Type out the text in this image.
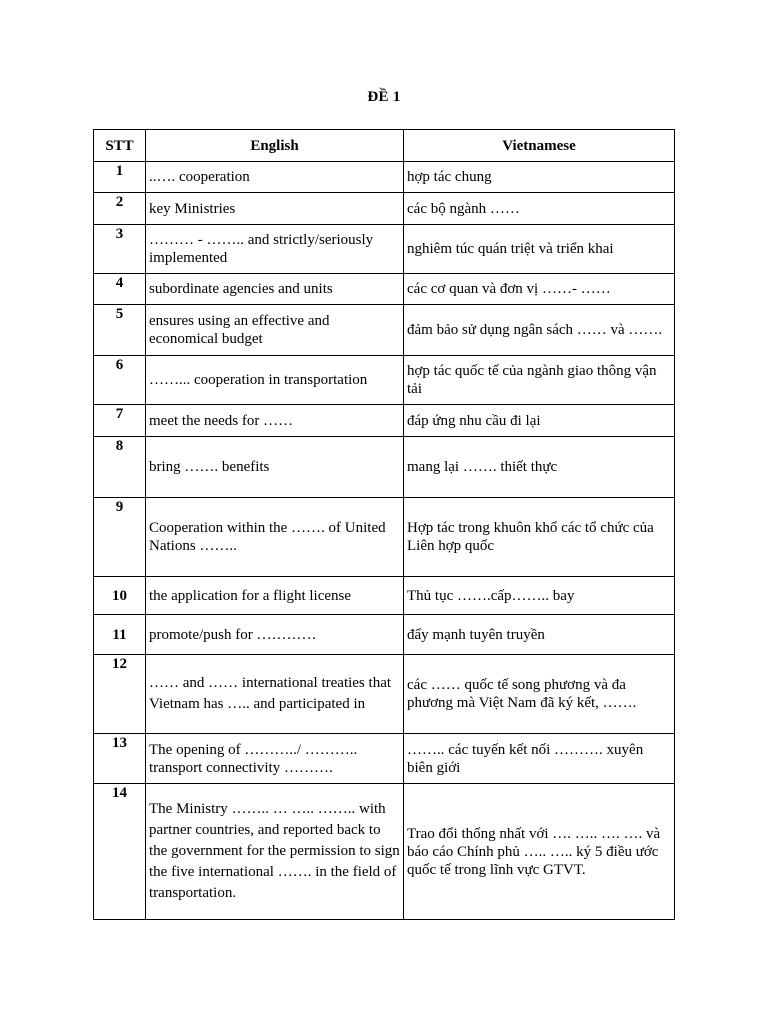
ĐỀ 1
STT	English	Vietnamese
1	..…. cooperation	hợp tác chung
2	key Ministries	các bộ ngành ……
3	……… - …….. and strictly/seriously implemented	nghiêm túc quán triệt và triển khai
4	subordinate agencies and units	các cơ quan và đơn vị ……- ……
5	ensures using an effective and economical budget	đảm bảo sử dụng ngân sách …… và …….
6	……... cooperation in transportation	hợp tác quốc tế của ngành giao thông vận tải
7	meet the needs for ……	đáp ứng nhu cầu đi lại
8	bring ……. benefits	mang lại ……. thiết thực
9	Cooperation within the ……. of United Nations ……..	Hợp tác trong khuôn khổ các tổ chức của Liên hợp quốc
10	the application for a flight license	Thủ tục …….cấp…….. bay
11	promote/push for …………	đẩy mạnh tuyên truyền
12	…… and …… international treaties that Vietnam has ….. and participated in	các …… quốc tế song phương và đa phương mà Việt Nam đã ký kết, …….
13	The opening of ………../ ……….. transport connectivity ……….	…….. các tuyến kết nối ………. xuyên biên giới
14	The Ministry …….. … ….. …….. with partner countries, and reported back to the government for the permission to sign the five international ……. in the field of transportation.	Trao đổi thống nhất với …. ….. …. …. và báo cáo Chính phủ ….. ….. ký 5 điều ước quốc tế trong lĩnh vực GTVT.
